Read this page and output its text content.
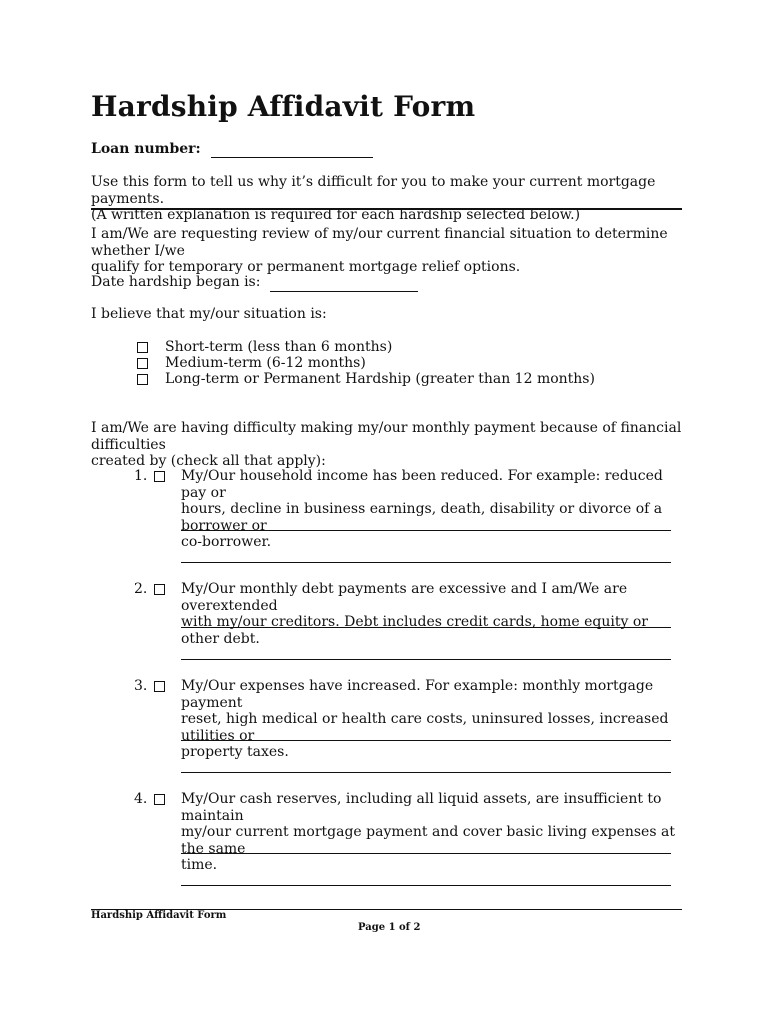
Hardship Affidavit Form
Loan number:
Use this form to tell us why it’s difficult for you to make your current mortgage payments.
(A written explanation is required for each hardship selected below.)
I am/We are requesting review of my/our current financial situation to determine whether I/we
qualify for temporary or permanent mortgage relief options.
Date hardship began is:
I believe that my/our situation is:
Short-term (less than 6 months)
Medium-term (6-12 months)
Long-term or Permanent Hardship (greater than 12 months)
I am/We are having difficulty making my/our monthly payment because of financial difficulties
created by (check all that apply):
1. My/Our household income has been reduced. For example: reduced pay or
hours, decline in business earnings, death, disability or divorce of a borrower or
co-borrower.
2. My/Our monthly debt payments are excessive and I am/We are overextended
with my/our creditors. Debt includes credit cards, home equity or other debt.
3. My/Our expenses have increased. For example: monthly mortgage payment
reset, high medical or health care costs, uninsured losses, increased utilities or
property taxes.
4. My/Our cash reserves, including all liquid assets, are insufficient to maintain
my/our current mortgage payment and cover basic living expenses at the same
time.
Hardship Affidavit Form
Page 1 of 2
